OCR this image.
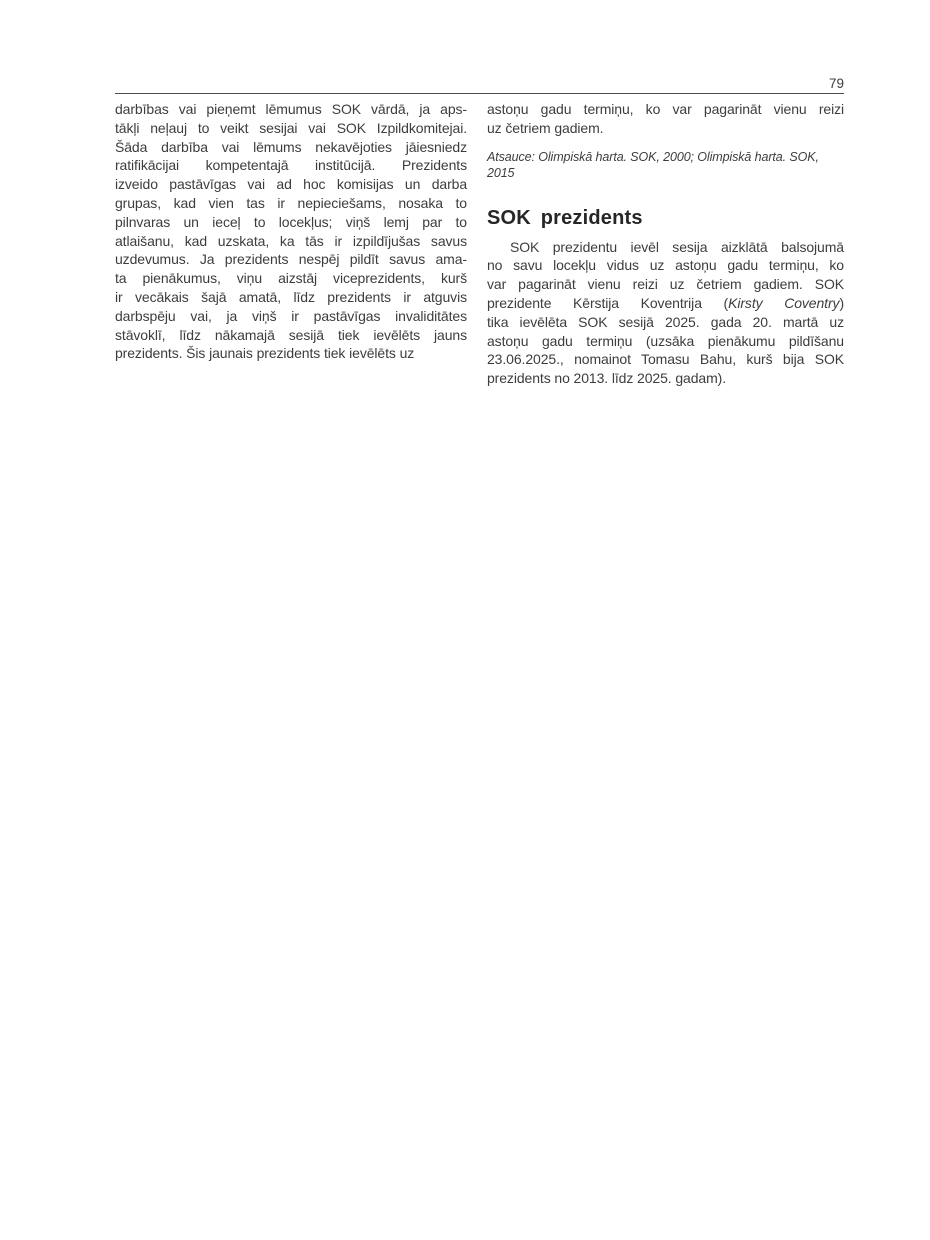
79
darbības vai pieņemt lēmumus SOK vārdā, ja aps-
tākļi neļauj to veikt sesijai vai SOK Izpildkomitejai.
Šāda darbība vai lēmums nekavējoties jāiesniedz
ratifikācijai kompetentajā institūcijā. Prezidents
izveido pastāvīgas vai ad hoc komisijas un darba
grupas, kad vien tas ir nepieciešams, nosaka to
pilnvaras un ieceļ to locekļus; viņš lemj par to
atlaišanu, kad uzskata, ka tās ir izpildījušas savus
uzdevumus. Ja prezidents nespēj pildīt savus ama-
ta pienākumus, viņu aizstāj viceprezidents, kurš
ir vecākais šajā amatā, līdz prezidents ir atguvis
darbspēju vai, ja viņš ir pastāvīgas invaliditātes
stāvoklī, līdz nākamajā sesijā tiek ievēlēts jauns
prezidents. Šis jaunais prezidents tiek ievēlēts uz
astoņu gadu termiņu, ko var pagarināt vienu reizi
uz četriem gadiem.
Atsauce: Olimpiskā harta. SOK, 2000; Olimpiskā harta. SOK, 2015
SOK prezidents
SOK prezidentu ievēl sesija aizklātā balsojumā
no savu locekļu vidus uz astoņu gadu termiņu, ko
var pagarināt vienu reizi uz četriem gadiem. SOK
prezidente Kērstija Koventrija (Kirsty Coventry)
tika ievēlēta SOK sesijā 2025. gada 20. martā uz
astoņu gadu termiņu (uzsāka pienākumu pildīšanu
23.06.2025., nomainot Tomasu Bahu, kurš bija SOK
prezidents no 2013. līdz 2025. gadam).
